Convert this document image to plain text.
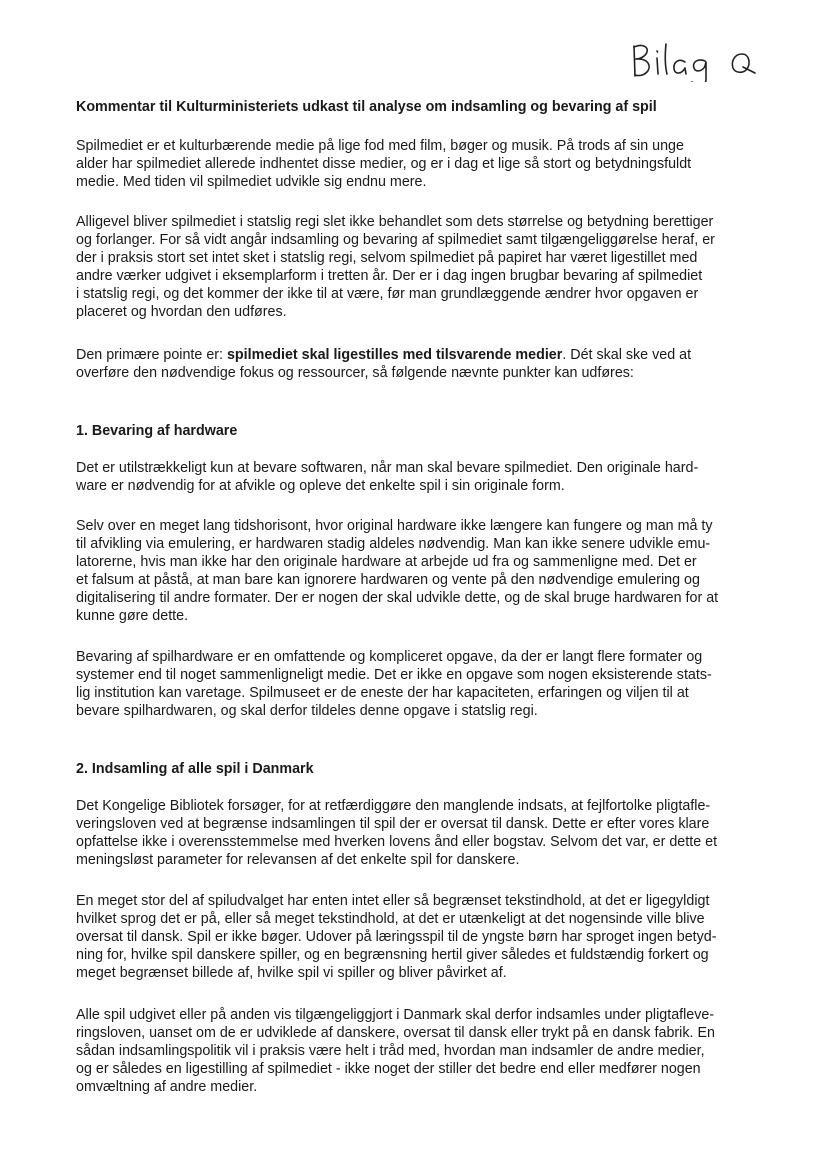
Kommentar til Kulturministeriets udkast til analyse om indsamling og bevaring af spil

Spilmediet er et kulturbærende medie på lige fod med film, bøger og musik. På trods af sin unge
alder har spilmediet allerede indhentet disse medier, og er i dag et lige så stort og betydningsfuldt
medie. Med tiden vil spilmediet udvikle sig endnu mere.

Alligevel bliver spilmediet i statslig regi slet ikke behandlet som dets størrelse og betydning berettiger
og forlanger. For så vidt angår indsamling og bevaring af spilmediet samt tilgængeliggørelse heraf, er
der i praksis stort set intet sket i statslig regi, selvom spilmediet på papiret har været ligestillet med
andre værker udgivet i eksemplarform i tretten år. Der er i dag ingen brugbar bevaring af spilmediet
i statslig regi, og det kommer der ikke til at være, før man grundlæggende ændrer hvor opgaven er
placeret og hvordan den udføres.

Den primære pointe er: spilmediet skal ligestilles med tilsvarende medier. Dét skal ske ved at
overføre den nødvendige fokus og ressourcer, så følgende nævnte punkter kan udføres:

1. Bevaring af hardware

Det er utilstrækkeligt kun at bevare softwaren, når man skal bevare spilmediet. Den originale hard-
ware er nødvendig for at afvikle og opleve det enkelte spil i sin originale form.

Selv over en meget lang tidshorisont, hvor original hardware ikke længere kan fungere og man må ty
til afvikling via emulering, er hardwaren stadig aldeles nødvendig. Man kan ikke senere udvikle emu-
latorerne, hvis man ikke har den originale hardware at arbejde ud fra og sammenligne med. Det er
et falsum at påstå, at man bare kan ignorere hardwaren og vente på den nødvendige emulering og
digitalisering til andre formater. Der er nogen der skal udvikle dette, og de skal bruge hardwaren for at
kunne gøre dette.

Bevaring af spilhardware er en omfattende og kompliceret opgave, da der er langt flere formater og
systemer end til noget sammenligneligt medie. Det er ikke en opgave som nogen eksisterende stats-
lig institution kan varetage. Spilmuseet er de eneste der har kapaciteten, erfaringen og viljen til at
bevare spilhardwaren, og skal derfor tildeles denne opgave i statslig regi.

2. Indsamling af alle spil i Danmark

Det Kongelige Bibliotek forsøger, for at retfærdiggøre den manglende indsats, at fejlfortolke pligtafle-
veringsloven ved at begrænse indsamlingen til spil der er oversat til dansk. Dette er efter vores klare
opfattelse ikke i overensstemmelse med hverken lovens ånd eller bogstav. Selvom det var, er dette et
meningsløst parameter for relevansen af det enkelte spil for danskere.

En meget stor del af spiludvalget har enten intet eller så begrænset tekstindhold, at det er ligegyldigt
hvilket sprog det er på, eller så meget tekstindhold, at det er utænkeligt at det nogensinde ville blive
oversat til dansk. Spil er ikke bøger. Udover på læringsspil til de yngste børn har sproget ingen betyd-
ning for, hvilke spil danskere spiller, og en begrænsning hertil giver således et fuldstændig forkert og
meget begrænset billede af, hvilke spil vi spiller og bliver påvirket af.

Alle spil udgivet eller på anden vis tilgængeliggjort i Danmark skal derfor indsamles under pligtafleve-
ringsloven, uanset om de er udviklede af danskere, oversat til dansk eller trykt på en dansk fabrik. En
sådan indsamlingspolitik vil i praksis være helt i tråd med, hvordan man indsamler de andre medier,
og er således en ligestilling af spilmediet - ikke noget der stiller det bedre end eller medfører nogen
omvæltning af andre medier.
